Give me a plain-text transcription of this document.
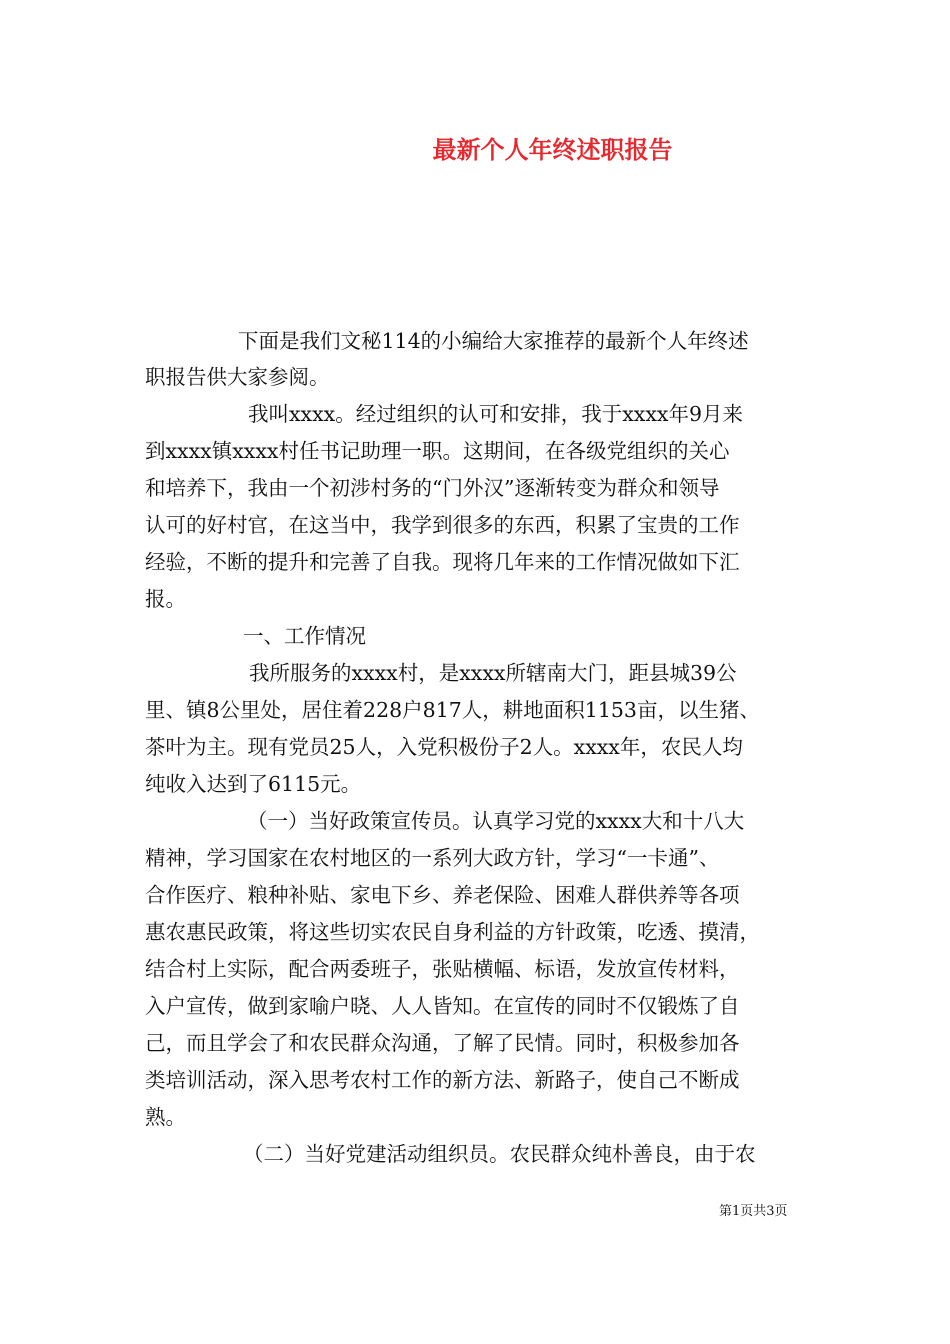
最新个人年终述职报告
下面是我们文秘114的小编给大家推荐的最新个人年终述
职报告供大家参阅。
我叫xxxx。经过组织的认可和安排，我于xxxx年9月来
到xxxx镇xxxx村任书记助理一职。这期间，在各级党组织的关心
和培养下，我由一个初涉村务的“门外汉”逐渐转变为群众和领导
认可的好村官，在这当中，我学到很多的东西，积累了宝贵的工作
经验，不断的提升和完善了自我。现将几年来的工作情况做如下汇
报。
一、工作情况
我所服务的xxxx村，是xxxx所辖南大门，距县城39公
里、镇8公里处，居住着228户817人，耕地面积1153亩，以生猪、
茶叶为主。现有党员25人，入党积极份子2人。xxxx年，农民人均
纯收入达到了6115元。
（一）当好政策宣传员。认真学习党的xxxx大和十八大
精神，学习国家在农村地区的一系列大政方针，学习“一卡通”、
合作医疗、粮种补贴、家电下乡、养老保险、困难人群供养等各项
惠农惠民政策，将这些切实农民自身利益的方针政策，吃透、摸清，
结合村上实际，配合两委班子，张贴横幅、标语，发放宣传材料，
入户宣传，做到家喻户晓、人人皆知。在宣传的同时不仅锻炼了自
己，而且学会了和农民群众沟通，了解了民情。同时，积极参加各
类培训活动，深入思考农村工作的新方法、新路子，使自己不断成
熟。
（二）当好党建活动组织员。农民群众纯朴善良，由于农
第1页共3页
